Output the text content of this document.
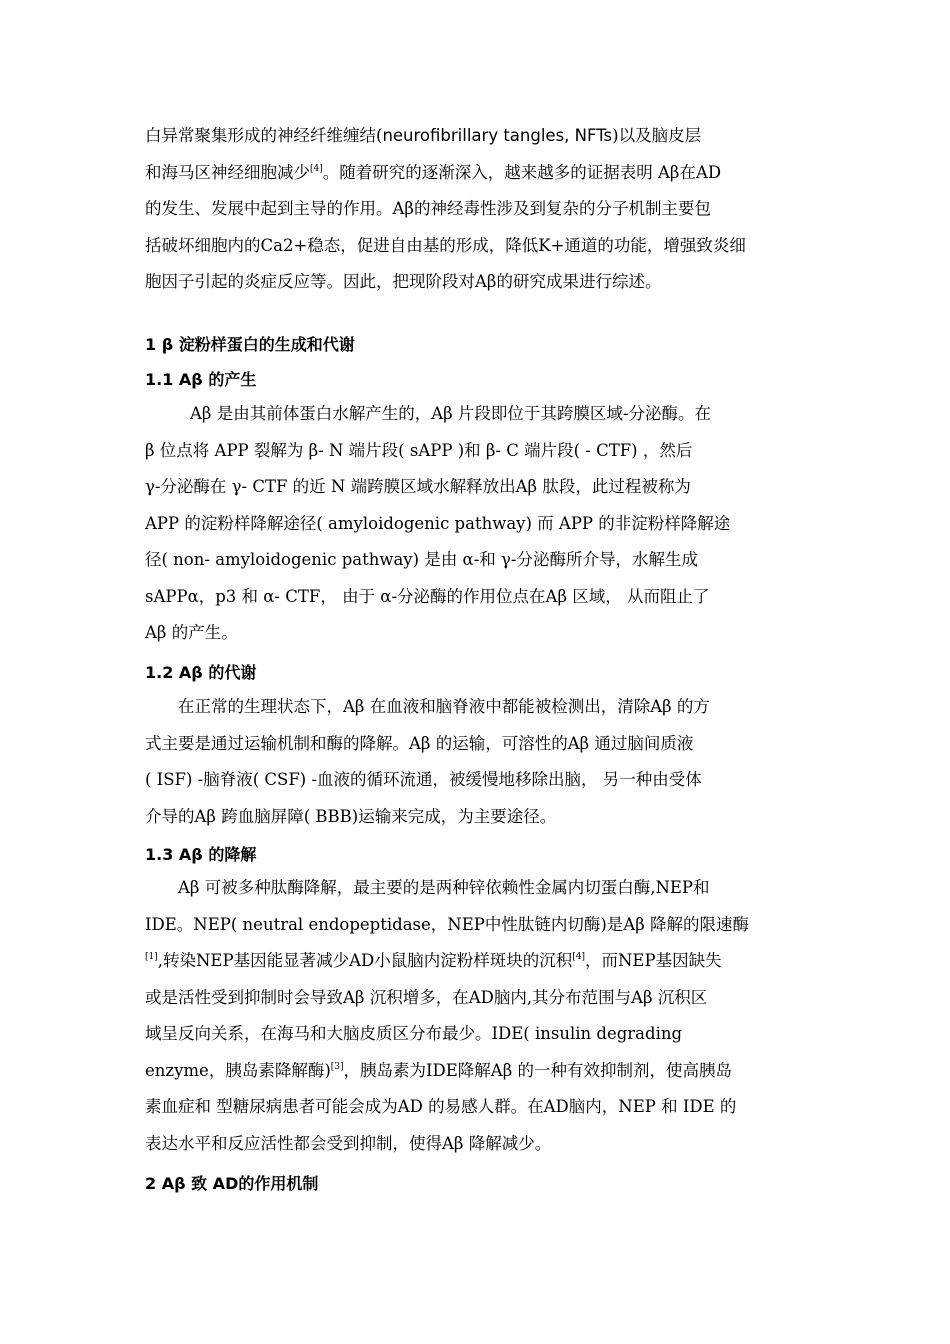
白异常聚集形成的神经纤维缠结(neurofibrillary tangles, NFTs)以及脑皮层
和海马区神经细胞减少[4]。随着研究的逐渐深入，越来越多的证据表明 Aβ在AD
的发生、发展中起到主导的作用。Aβ的神经毒性涉及到复杂的分子机制主要包
括破坏细胞内的Ca2+稳态，促进自由基的形成，降低K+通道的功能，增强致炎细
胞因子引起的炎症反应等。因此，把现阶段对Aβ的研究成果进行综述。
1 β 淀粉样蛋白的生成和代谢
1.1 Aβ 的产生
Aβ 是由其前体蛋白水解产生的，Aβ 片段即位于其跨膜区域-分泌酶。在
β 位点将 APP 裂解为 β- N 端片段( sAPP )和 β- C 端片段( - CTF) ，然后
γ-分泌酶在 γ- CTF 的近 N 端跨膜区域水解释放出Aβ 肽段，此过程被称为
APP 的淀粉样降解途径( amyloidogenic pathway) 而 APP 的非淀粉样降解途
径( non- amyloidogenic pathway) 是由 α-和 γ-分泌酶所介导，水解生成
sAPPα，p3 和 α- CTF， 由于 α-分泌酶的作用位点在Aβ 区域， 从而阻止了
Aβ 的产生。
1.2 Aβ 的代谢
在正常的生理状态下，Aβ 在血液和脑脊液中都能被检测出，清除Aβ 的方
式主要是通过运输机制和酶的降解。Aβ 的运输，可溶性的Aβ 通过脑间质液
( ISF) -脑脊液( CSF) -血液的循环流通，被缓慢地移除出脑， 另一种由受体
介导的Aβ 跨血脑屏障( BBB)运输来完成，为主要途径。
1.3 Aβ 的降解
Aβ 可被多种肽酶降解，最主要的是两种锌依赖性金属内切蛋白酶,NEP和
IDE。NEP( neutral endopeptidase，NEP中性肽链内切酶)是Aβ 降解的限速酶
[1],转染NEP基因能显著减少AD小鼠脑内淀粉样斑块的沉积[4]，而NEP基因缺失
或是活性受到抑制时会导致Aβ 沉积增多，在AD脑内,其分布范围与Aβ 沉积区
域呈反向关系，在海马和大脑皮质区分布最少。IDE( insulin degrading
enzyme，胰岛素降解酶)[3]，胰岛素为IDE降解Aβ 的一种有效抑制剂，使高胰岛
素血症和 型糖尿病患者可能会成为AD 的易感人群。在AD脑内，NEP 和 IDE 的
表达水平和反应活性都会受到抑制，使得Aβ 降解减少。
2 Aβ 致 AD的作用机制
